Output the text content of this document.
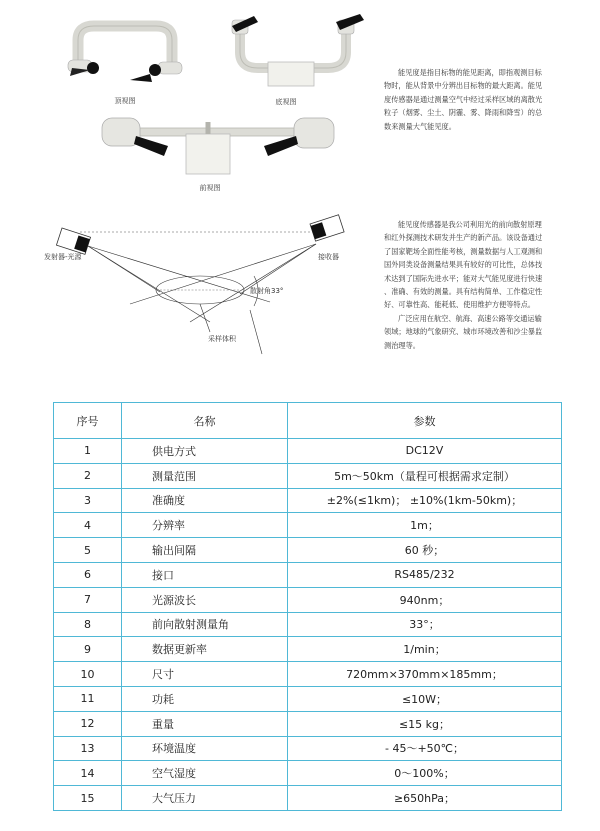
顶视图	底视图
前视图
能见度是指目标物的能见距离，即指观测目标
物时，能从背景中分辨出目标物的最大距离。能见
度传感器是通过测量空气中经过采样区域的离散光
粒子（烟雾、尘土、阴霾、雾、降雨和降雪）的总
数来测量大气能见度。
发射器-光源	接收器
散射角33°
采样体积
能见度传感器是我公司利用光的前向散射原理
和红外探测技术研发并生产的新产品。该设备通过
了国家靶场全面性能考核，测量数据与人工观测和
国外同类设备测量结果具有较好的可比性，总体技
术达到了国际先进水平；能对大气能见度进行快速
、准确、有效的测量。具有结构简单、工作稳定性
好、可靠性高、能耗低、使用维护方便等特点。
广泛应用在航空、航海、高速公路等交通运输
领域；地球的气象研究、城市环境改善和沙尘暴监
测治理等。
序号	名称	参数
1	供电方式	DC12V
2	测量范围	5m～50km（量程可根据需求定制）
3	准确度	±2%(≤1km)； ±10%(1km-50km)；
4	分辨率	1m；
5	输出间隔	60 秒；
6	接口	RS485/232
7	光源波长	940nm；
8	前向散射测量角	33°；
9	数据更新率	1/min；
10	尺寸	720mm×370mm×185mm；
11	功耗	≤10W；
12	重量	≤15 kg；
13	环境温度	- 45～+50℃；
14	空气湿度	0～100%；
15	大气压力	≥650hPa；
